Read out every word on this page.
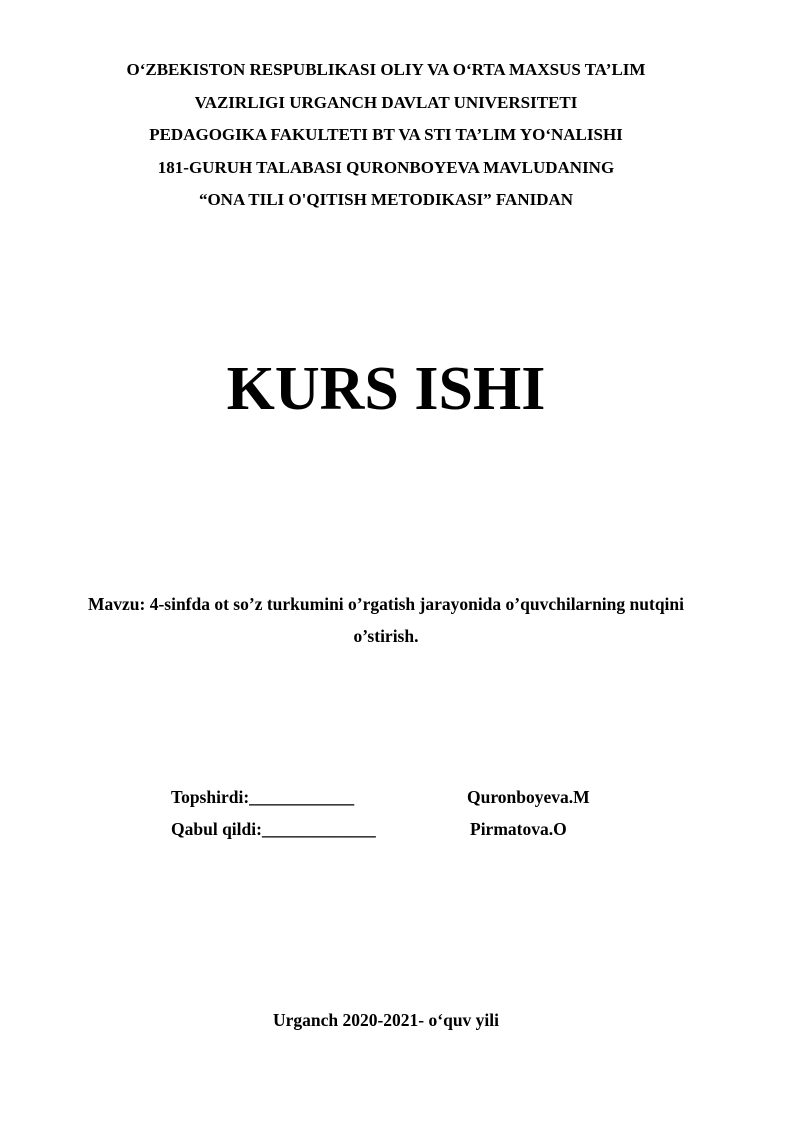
O‘ZBEKISTON RESPUBLIKASI OLIY VA O‘RTA MAXSUS TA’LIM
VAZIRLIGI URGANCH DAVLAT UNIVERSITETI
PEDAGOGIKA FAKULTETI BT VA STI TA’LIM YO‘NALISHI
181-GURUH TALABASI QURONBOYEVA MAVLUDANING
“ONA TILI O'QITISH METODIKASI” FANIDAN
KURS ISHI
Mavzu: 4-sinfda ot so’z turkumini o’rgatish jarayonida o’quvchilarning nutqini
o’stirish.
Topshirdi:____________	Quronboyeva.M
Qabul qildi:_____________	Pirmatova.O
Urganch 2020-2021- o‘quv yili
